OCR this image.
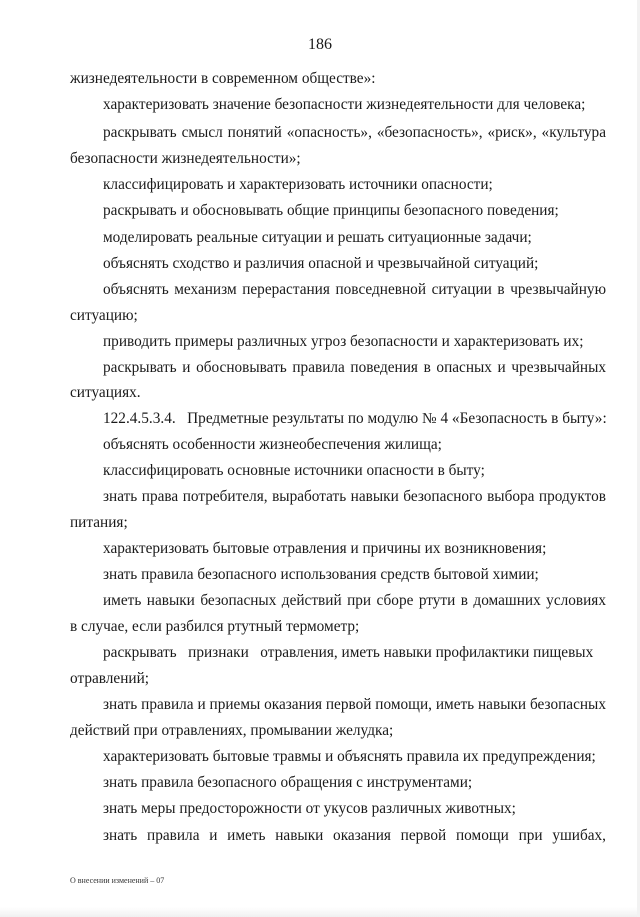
186
жизнедеятельности в современном обществе»:
характеризовать значение безопасности жизнедеятельности для человека;
раскрывать смысл понятий «опасность», «безопасность», «риск», «культура
безопасности жизнедеятельности»;
классифицировать и характеризовать источники опасности;
раскрывать и обосновывать общие принципы безопасного поведения;
моделировать реальные ситуации и решать ситуационные задачи;
объяснять сходство и различия опасной и чрезвычайной ситуаций;
объяснять механизм перерастания повседневной ситуации в чрезвычайную
ситуацию;
приводить примеры различных угроз безопасности и характеризовать их;
раскрывать и обосновывать правила поведения в опасных и чрезвычайных
ситуациях.
122.4.5.3.4.   Предметные результаты по модулю № 4 «Безопасность в быту»:
объяснять особенности жизнеобеспечения жилища;
классифицировать основные источники опасности в быту;
знать права потребителя, выработать навыки безопасного выбора продуктов
питания;
характеризовать бытовые отравления и причины их возникновения;
знать правила безопасного использования средств бытовой химии;
иметь навыки безопасных действий при сборе ртути в домашних условиях
в случае, если разбился ртутный термометр;
раскрывать   признаки   отравления, иметь навыки профилактики пищевых
отравлений;
знать правила и приемы оказания первой помощи, иметь навыки безопасных
действий при отравлениях, промывании желудка;
характеризовать бытовые травмы и объяснять правила их предупреждения;
знать правила безопасного обращения с инструментами;
знать меры предосторожности от укусов различных животных;
знать правила и иметь навыки оказания первой помощи при ушибах,
О внесении изменений – 07
